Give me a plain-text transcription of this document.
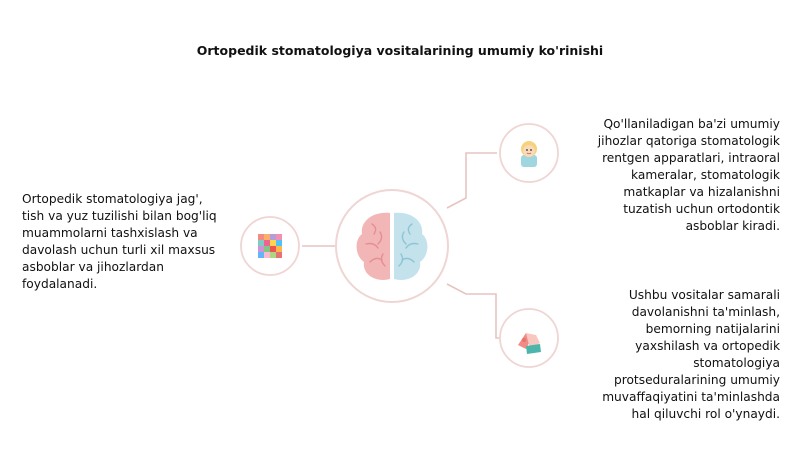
Ortopedik stomatologiya vositalarining umumiy ko'rinishi
Ortopedik stomatologiya jag',
tish va yuz tuzilishi bilan bog'liq
muammolarni tashxislash va
davolash uchun turli xil maxsus
asboblar va jihozlardan
foydalanadi.
Qo'llaniladigan ba'zi umumiy
jihozlar qatoriga stomatologik
rentgen apparatlari, intraoral
kameralar, stomatologik
matkaplar va hizalanishni
tuzatish uchun ortodontik
asboblar kiradi.
Ushbu vositalar samarali
davolanishni ta'minlash,
bemorning natijalarini
yaxshilash va ortopedik
stomatologiya
protseduralarining umumiy
muvaffaqiyatini ta'minlashda
hal qiluvchi rol o'ynaydi.
